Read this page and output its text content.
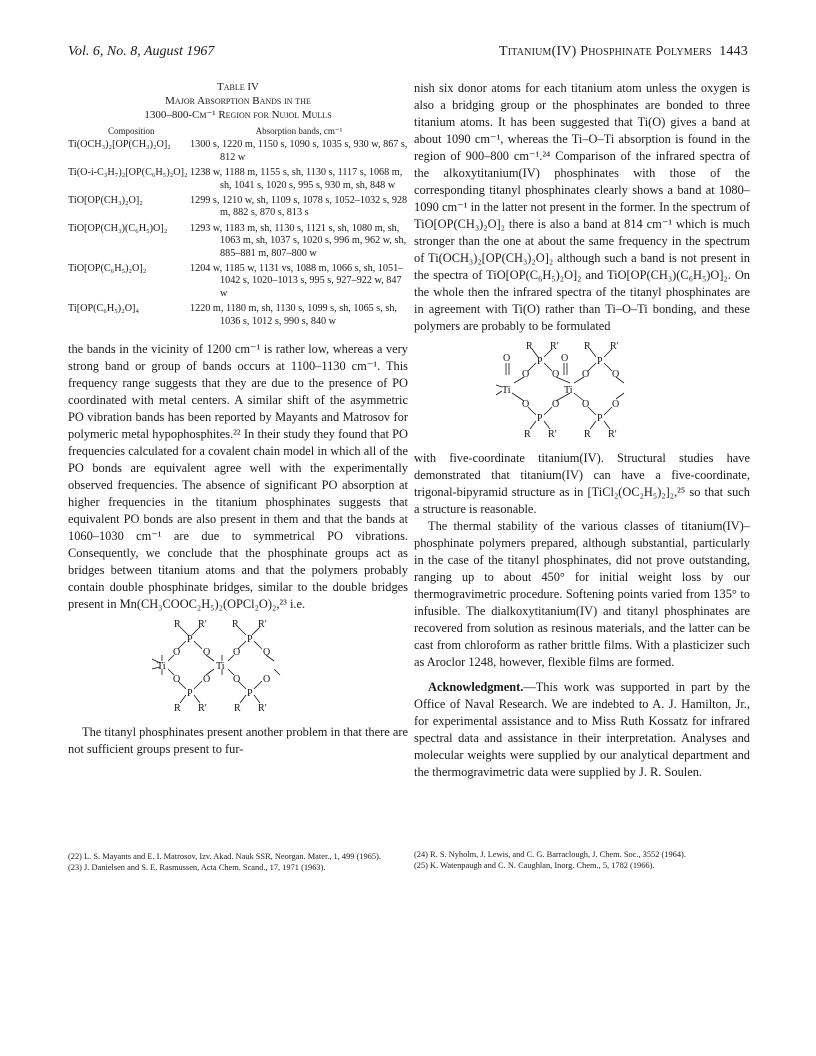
Vol. 6, No. 8, August 1967	Titanium(IV) Phosphinate Polymers 1443
Table IV
Major Absorption Bands in the
1300–800-Cm⁻¹ Region for Nujol Mulls
Composition	Absorption bands, cm⁻¹
Ti(OCH₃)₂[OP(CH₃)₂O]₂	1300 s, 1220 m, 1150 s, 1090 s, 1035 s, 930 w, 867 s, 812 w
Ti(O-i-C₃H₇)₂[OP(C₆H₅)₂O]₂	1238 w, 1188 m, 1155 s, sh, 1130 s, 1117 s, 1068 m, sh, 1041 s, 1020 s, 995 s, 930 m, sh, 848 w
TiO[OP(CH₃)₂O]₂	1299 s, 1210 w, sh, 1109 s, 1078 s, 1052–1032 s, 928 m, 882 s, 870 s, 813 s
TiO[OP(CH₃)(C₆H₅)O]₂	1293 w, 1183 m, sh, 1130 s, 1121 s, sh, 1080 m, sh, 1063 m, sh, 1037 s, 1020 s, 996 m, 962 w, sh, 885–881 m, 807–800 w
TiO[OP(C₆H₅)₂O]₂	1204 w, 1185 w, 1131 vs, 1088 m, 1066 s, sh, 1051–1042 s, 1020–1013 s, 995 s, 927–922 w, 847 w
Ti[OP(C₆H₅)₂O]₄	1220 m, 1180 m, sh, 1130 s, 1099 s, sh, 1065 s, sh, 1036 s, 1012 s, 990 s, 840 w

the bands in the vicinity of 1200 cm⁻¹ is rather low, whereas a very strong band or group of bands occurs at 1100–1130 cm⁻¹. This frequency range suggests that they are due to the presence of PO coordinated with metal centers. A similar shift of the asymmetric PO vibration bands has been reported by Mayants and Matrosov for polymeric metal hypophosphites.²² In their study they found that PO frequencies calculated for a covalent chain model in which all of the PO bonds are equivalent agree well with the experimentally observed frequencies. The absence of significant PO absorption at higher frequencies in the titanium phosphinates suggests that equivalent PO bonds are also present in them and that the bands at 1060–1030 cm⁻¹ are due to symmetrical PO vibrations. Consequently, we conclude that the phosphinate groups act as bridges between titanium atoms and that the polymers probably contain double phosphinate bridges, similar to the double bridges present in Mn(CH₃COOC₂H₅)₂(OPCl₂O)₂,²³ i.e.

R R′	R R′
P	P
O O O O
Ti	Ti
O O O O
P	P
R R′	R R′

The titanyl phosphinates present another problem in that there are not sufficient groups present to fur-

(22) L. S. Mayants and E. I. Matrosov, Izv. Akad. Nauk SSR, Neorgan. Mater., 1, 499 (1965).

(23) J. Danielsen and S. E. Rasmussen, Acta Chem. Scand., 17, 1971 (1963).

nish six donor atoms for each titanium atom unless the oxygen is also a bridging group or the phosphinates are bonded to three titanium atoms. It has been suggested that Ti(O) gives a band at about 1090 cm⁻¹, whereas the Ti–O–Ti absorption is found in the region of 900–800 cm⁻¹.²⁴ Comparison of the infrared spectra of the alkoxytitanium(IV) phosphinates with those of the corresponding titanyl phosphinates clearly shows a band at 1080–1090 cm⁻¹ in the latter not present in the former. In the spectrum of TiO[OP(CH₃)₂O]₂ there is also a band at 814 cm⁻¹ which is much stronger than the one at about the same frequency in the spectrum of Ti(OCH₃)₂[OP(CH₃)₂O]₂ although such a band is not present in the spectra of TiO[OP(C₆H₅)₂O]₂ and TiO[OP(CH₃)(C₆H₅)O]₂. On the whole then the infrared spectra of the titanyl phosphinates are in agreement with Ti(O) rather than Ti–O–Ti bonding, and these polymers are probably to be formulated

R R′	R R′
P	P
O	O
O O O O
Ti	Ti
O O O O
P	P
R R′	R R′

with five-coordinate titanium(IV). Structural studies have demonstrated that titanium(IV) can have a five-coordinate, trigonal-bipyramid structure as in [TiCl₂(OC₂H₅)₂]₂,²⁵ so that such a structure is reasonable.

The thermal stability of the various classes of titanium(IV)–phosphinate polymers prepared, although substantial, particularly in the case of the titanyl phosphinates, did not prove outstanding, ranging up to about 450° for initial weight loss by our thermogravimetric procedure. Softening points varied from 135° to infusible. The dialkoxytitanium(IV) and titanyl phosphinates are recovered from solution as resinous materials, and the latter can be cast from chloroform as rather brittle films. With a plasticizer such as Aroclor 1248, however, flexible films are formed.

Acknowledgment.—This work was supported in part by the Office of Naval Research. We are indebted to A. J. Hamilton, Jr., for experimental assistance and to Miss Ruth Kossatz for infrared spectral data and assistance in their interpretation. Analyses and molecular weights were supplied by our analytical department and the thermogravimetric data were supplied by J. R. Soulen.

(24) R. S. Nyholm, J. Lewis, and C. G. Barraclough, J. Chem. Soc., 3552 (1964).

(25) K. Watenpaugh and C. N. Caughlan, Inorg. Chem., 5, 1782 (1966).
